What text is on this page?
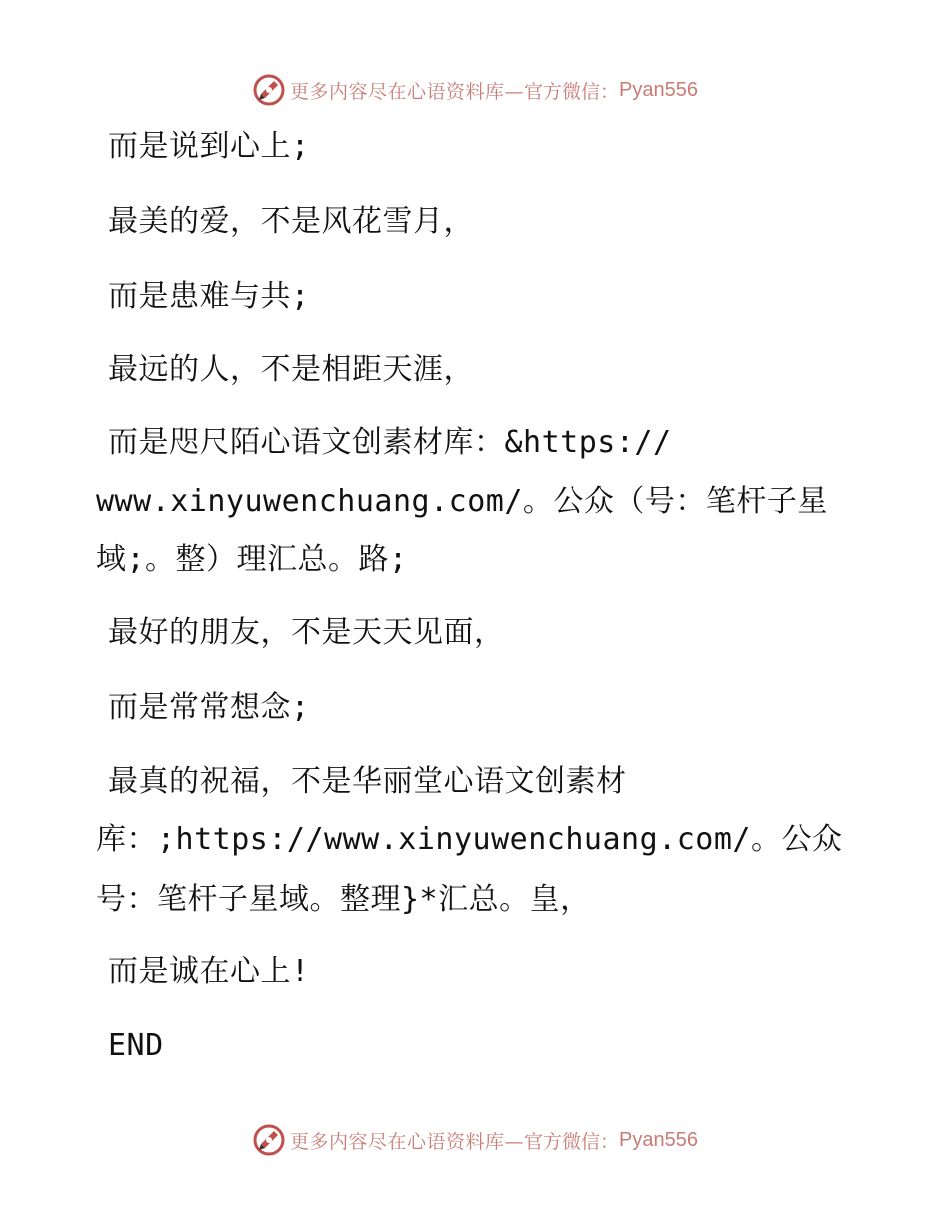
更多内容尽在心语资料库— 官方微信： Pyan556
而是说到心上;
最美的爱，不是风花雪月，
而是患难与共;
最远的人，不是相距天涯，
而是咫尺陌心语文创素材库：&https://
www.xinyuwenchuang.com/。公众（号：笔杆子星
域;。整）理汇总。路;
最好的朋友，不是天天见面，
而是常常想念;
最真的祝福，不是华丽堂心语文创素材
库：;https://www.xinyuwenchuang.com/。公众
号：笔杆子星域。整理}*汇总。皇，
而是诚在心上!
END
更多内容尽在心语资料库— 官方微信： Pyan556
